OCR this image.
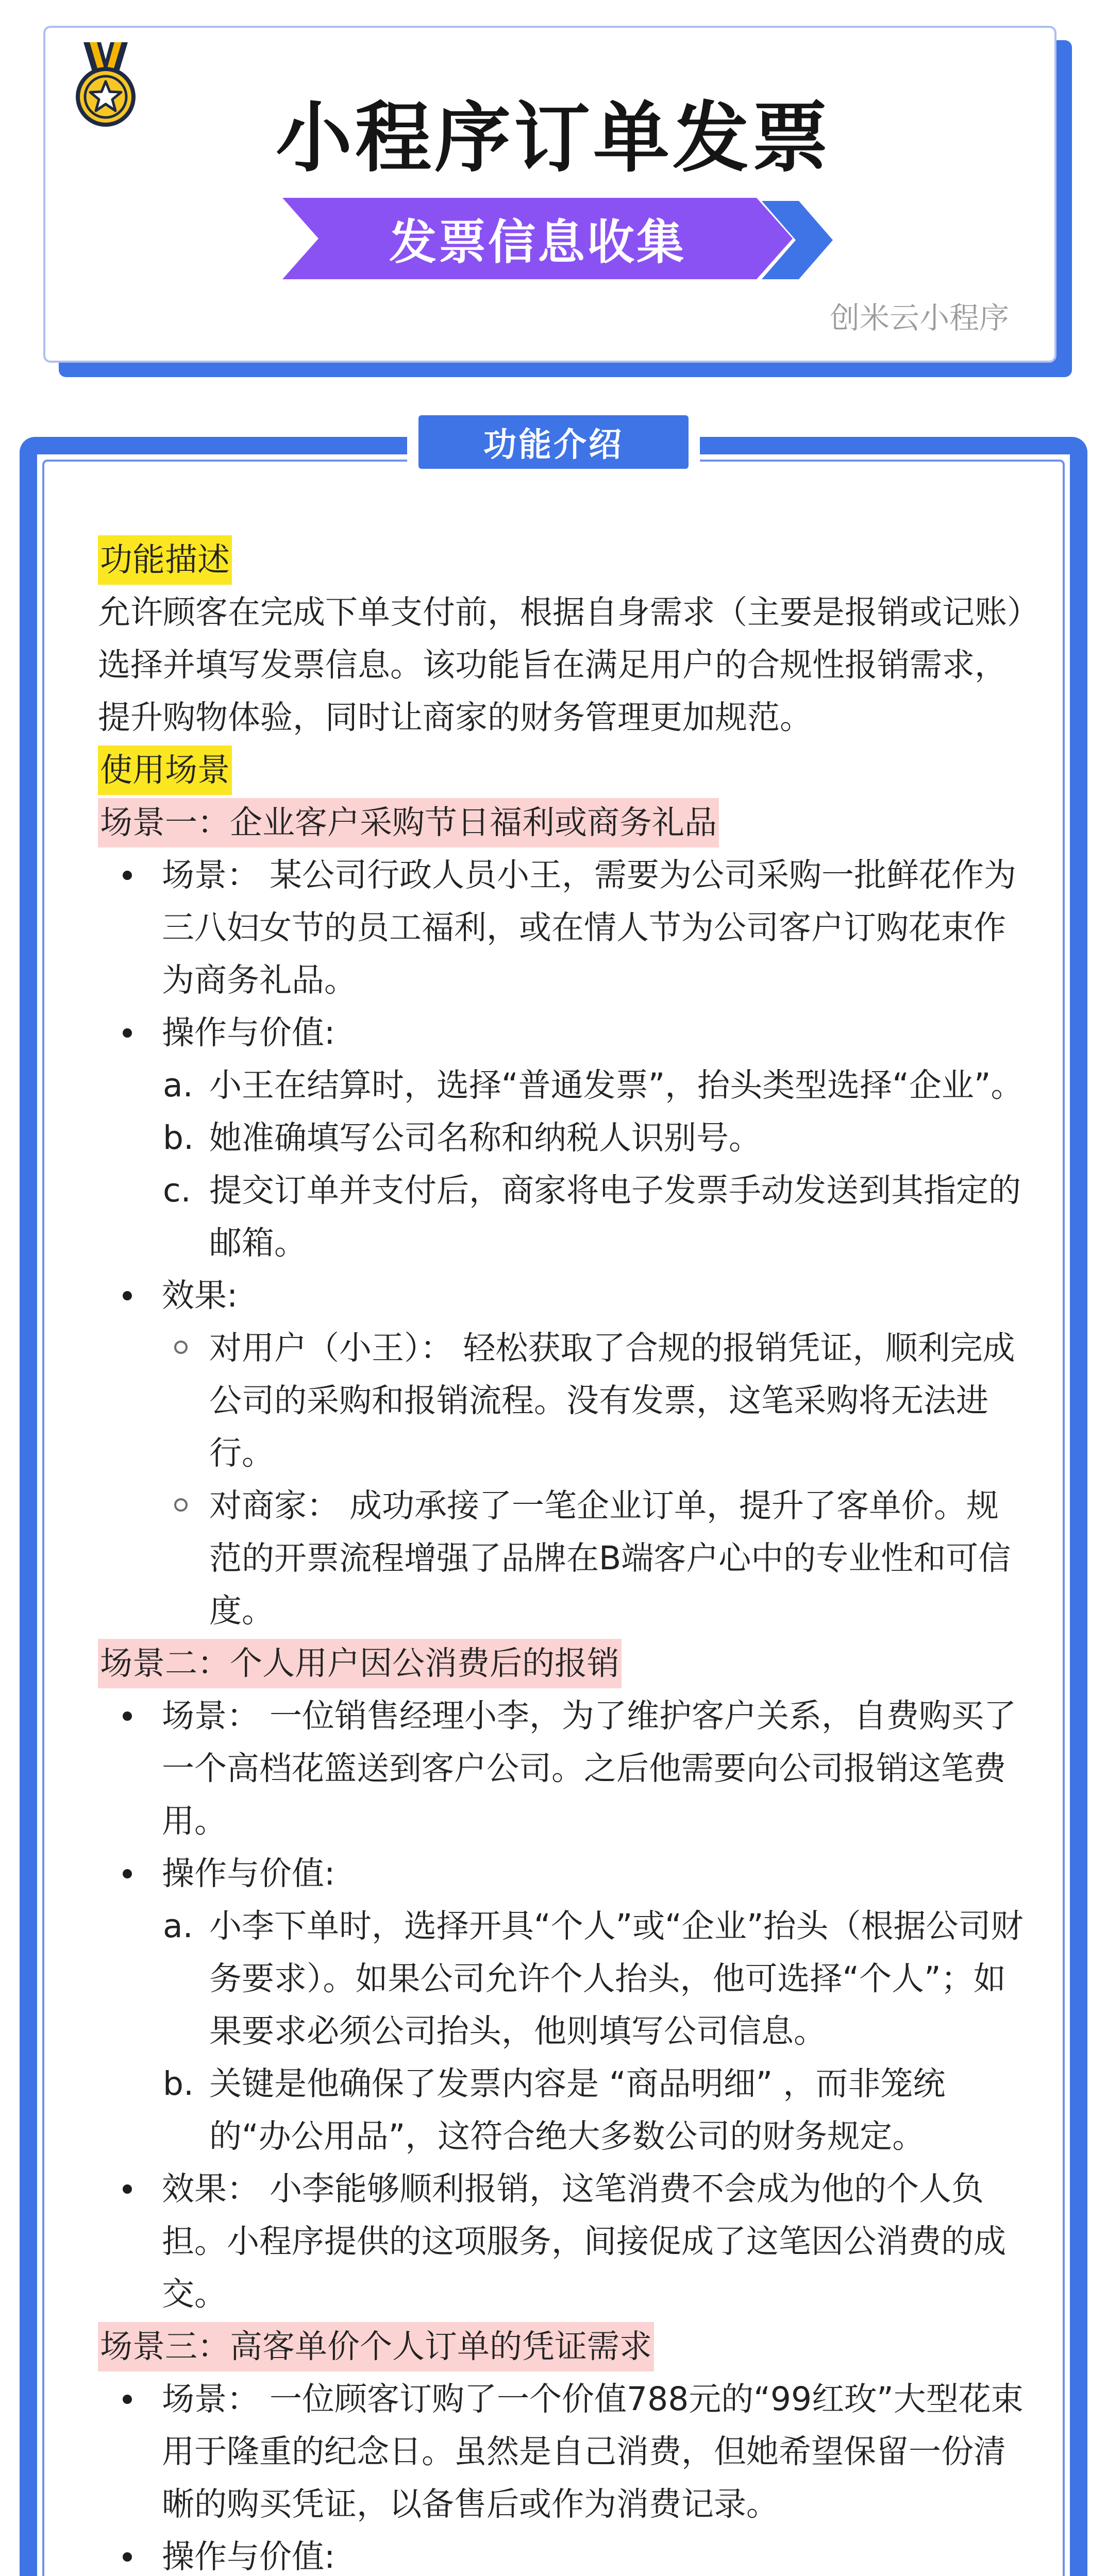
小程序订单发票
发票信息收集
创米云小程序
功能介绍
功能描述
允许顾客在完成下单支付前，根据自身需求（主要是报销或记账）选择并填写发票信息。该功能旨在满足用户的合规性报销需求，提升购物体验，同时让商家的财务管理更加规范。
使用场景
场景一：企业客户采购节日福利或商务礼品
场景： 某公司行政人员小王，需要为公司采购一批鲜花作为三八妇女节的员工福利，或在情人节为公司客户订购花束作为商务礼品。
操作与价值:
a. 小王在结算时，选择“普通发票”，抬头类型选择“企业”。
b. 她准确填写公司名称和纳税人识别号。
c. 提交订单并支付后，商家将电子发票手动发送到其指定的邮箱。
效果:
对用户（小王）： 轻松获取了合规的报销凭证，顺利完成公司的采购和报销流程。没有发票，这笔采购将无法进行。
对商家： 成功承接了一笔企业订单，提升了客单价。规范的开票流程增强了品牌在B端客户心中的专业性和可信度。
场景二：个人用户因公消费后的报销
场景： 一位销售经理小李，为了维护客户关系，自费购买了一个高档花篮送到客户公司。之后他需要向公司报销这笔费用。
操作与价值:
a. 小李下单时，选择开具“个人”或“企业”抬头（根据公司财务要求）。如果公司允许个人抬头，他可选择“个人”；如果要求必须公司抬头，他则填写公司信息。
b. 关键是他确保了发票内容是 “商品明细” ，而非笼统的“办公用品”，这符合绝大多数公司的财务规定。
效果： 小李能够顺利报销，这笔消费不会成为他的个人负担。小程序提供的这项服务，间接促成了这笔因公消费的成交。
场景三：高客单价个人订单的凭证需求
场景： 一位顾客订购了一个价值788元的“99红玫”大型花束用于隆重的纪念日。虽然是自己消费，但她希望保留一份清晰的购买凭证，以备售后或作为消费记录。
操作与价值:
